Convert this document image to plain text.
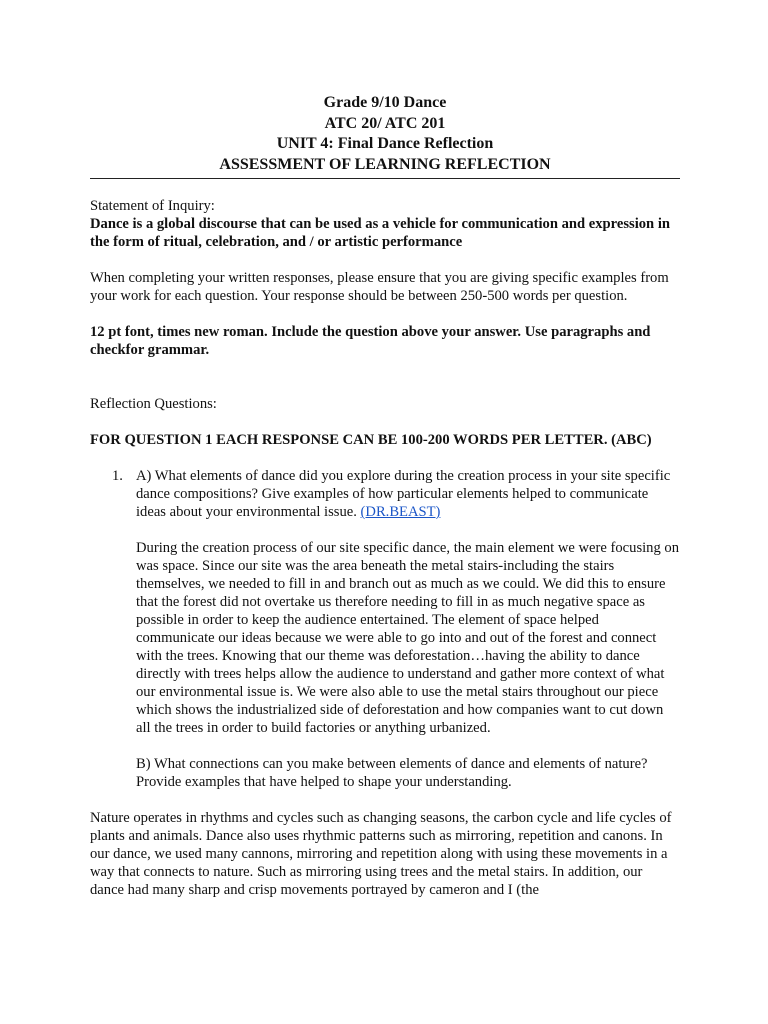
Grade 9/10 Dance
ATC 20/ ATC 201
UNIT 4: Final Dance Reflection
ASSESSMENT OF LEARNING REFLECTION

Statement of Inquiry:

Dance is a global discourse that can be used as a vehicle for communication and expression in the form of ritual, celebration, and / or artistic performance

When completing your written responses, please ensure that you are giving specific examples from your work for each question. Your response should be between 250-500 words per question.

12 pt font, times new roman. Include the question above your answer. Use paragraphs and checkfor grammar.

Reflection Questions:

FOR QUESTION 1 EACH RESPONSE CAN BE 100-200 WORDS PER LETTER. (ABC)

1. A) What elements of dance did you explore during the creation process in your site specific dance compositions? Give examples of how particular elements helped to communicate ideas about your environmental issue. (DR.BEAST)

During the creation process of our site specific dance, the main element we were focusing on was space. Since our site was the area beneath the metal stairs-including the stairs themselves, we needed to fill in and branch out as much as we could. We did this to ensure that the forest did not overtake us therefore needing to fill in as much negative space as possible in order to keep the audience entertained. The element of space helped communicate our ideas because we were able to go into and out of the forest and connect with the trees. Knowing that our theme was deforestation…having the ability to dance directly with trees helps allow the audience to understand and gather more context of what our environmental issue is. We were also able to use the metal stairs throughout our piece which shows the industrialized side of deforestation and how companies want to cut down all the trees in order to build factories or anything urbanized.

B) What connections can you make between elements of dance and elements of nature? Provide examples that have helped to shape your understanding.

Nature operates in rhythms and cycles such as changing seasons, the carbon cycle and life cycles of plants and animals. Dance also uses rhythmic patterns such as mirroring, repetition and canons. In our dance, we used many cannons, mirroring and repetition along with using these movements in a way that connects to nature. Such as mirroring using trees and the metal stairs. In addition, our dance had many sharp and crisp movements portrayed by cameron and I (the
